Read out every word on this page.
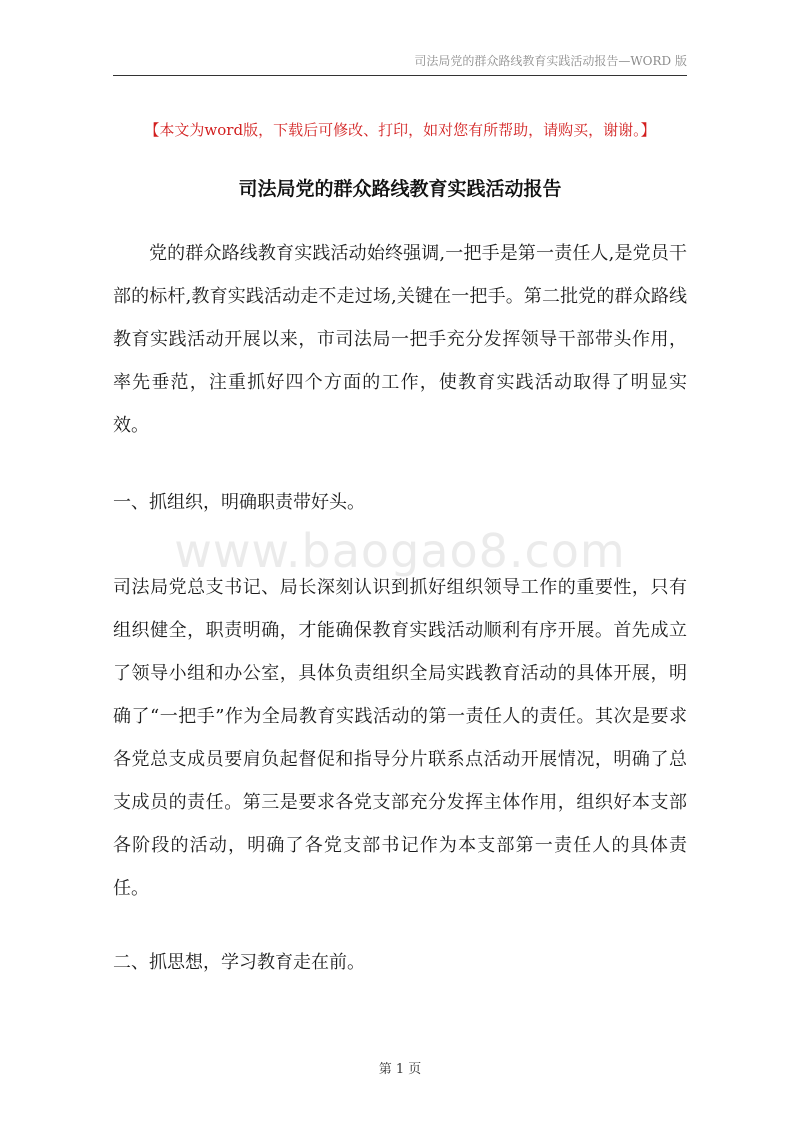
司法局党的群众路线教育实践活动报告—WORD 版
【本文为word版，下载后可修改、打印，如对您有所帮助，请购买，谢谢。】
司法局党的群众路线教育实践活动报告

党的群众路线教育实践活动始终强调,一把手是第一责任人,是党员干部的标杆,教育实践活动走不走过场,关键在一把手。第二批党的群众路线教育实践活动开展以来，市司法局一把手充分发挥领导干部带头作用，率先垂范，注重抓好四个方面的工作，使教育实践活动取得了明显实效。

一、抓组织，明确职责带好头。

www.baogao8.com

司法局党总支书记、局长深刻认识到抓好组织领导工作的重要性，只有组织健全，职责明确，才能确保教育实践活动顺利有序开展。首先成立了领导小组和办公室，具体负责组织全局实践教育活动的具体开展，明确了“一把手”作为全局教育实践活动的第一责任人的责任。其次是要求各党总支成员要肩负起督促和指导分片联系点活动开展情况，明确了总支成员的责任。第三是要求各党支部充分发挥主体作用，组织好本支部各阶段的活动，明确了各党支部书记作为本支部第一责任人的具体责任。

二、抓思想，学习教育走在前。

第 1 页
